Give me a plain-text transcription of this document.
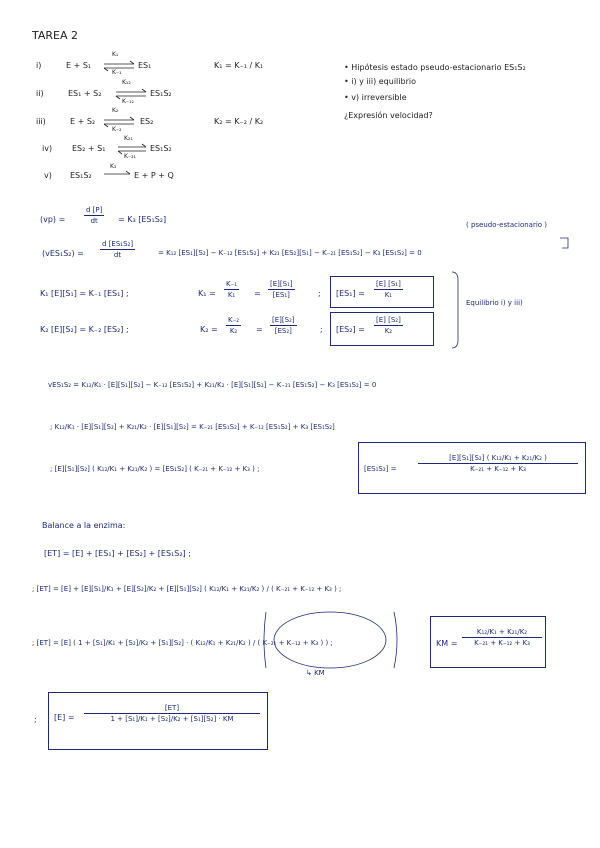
TAREA 2
i)	E + S₁
K₁
K₋₁
ES₁
ii)	ES₁ + S₂
K₁₂
K₋₁₂
ES₁S₂
iii)	E + S₂
K₂
K₋₂
ES₂
iv) ES₂ + S₁
K₂₁
K₋₂₁
ES₁S₂
v) ES₁S₂
K₃
E + P + Q
K₁ = K₋₁ / K₁
K₂ = K₋₂ / K₂
• Hipótesis estado pseudo-estacionario ES₁S₂
• i) y iii) equilibrio
• v) irreversible
¿Expresión velocidad?
(vp) =	$\frac{d [P]}{dt} = K_3$ [ES₁S₂]
( pseudo-estacionario )
$(vES_1S_2) = \frac{\text{d [ES₁S₂]}}{dt}$	= K₁₂ [ES₁][S₂] − K₋₁₂ [ES₁S₂] + K₂₁ [ES₂][S₁] − K₋₂₁ [ES₁S₂] − K₃ [ES₁S₂] = 0
K₁ [E][S₁] = K₋₁ [ES₁] ;	$K_1 = \frac{\text{K₋₁}}{\text{K₁}} = \frac{\text{[E][S₁]}}{\text{[ES₁]}}$	; $[ES_1] = \frac{\text{[E] [S₁]}}{\text{K₁}}$
K₂ [E][S₂] = K₋₂ [ES₂] ;	$K_2 = \frac{\text{K₋₂}}{\text{K₂}} = \frac{\text{[E][S₂]}}{\text{[ES₂]}}$	; $[ES_2] = \frac{\text{[E] [S₂]}}{\text{K₂}}$
Equilibrio i) y iii)
vES₁S₂ = K₁₂/K₁ · [E][S₁][S₂] − K₋₁₂ [ES₁S₂] + K₂₁/K₂ · [E][S₁][S₂] − K₋₂₁ [ES₁S₂] − K₃ [ES₁S₂] = 0
; K₁₂/K₁ · [E][S₁][S₂] + K₂₁/K₂ · [E][S₁][S₂] = K₋₂₁ [ES₁S₂] + K₋₁₂ [ES₁S₂] + K₃ [ES₁S₂]
; [E][S₁][S₂] ( K₁₂/K₁ + K₂₁/K₂ ) = [ES₁S₂] ( K₋₂₁ + K₋₁₂ + K₃ ) ;	[ES₁S₂] =	$\frac{\text{[E][S₁][S₂] ( K₁₂/K₁ + K₂₁/K₂ )}}{\text{K₋₂₁ + K₋₁₂ + K₃}}$
Balance a la enzima:
[ET] = [E] + [ES₁] + [ES₂] + [ES₁S₂] ;
; [ET] = [E] + [E][S₁]/K₁ + [E][S₂]/K₂ + [E][S₁][S₂] ( K₁₂/K₁ + K₂₁/K₂ ) / ( K₋₂₁ + K₋₁₂ + K₃ ) ;
; [ET] = [E] ( 1 + [S₁]/K₁ + [S₂]/K₂ + [S₁][S₂] · ( K₁₂/K₁ + K₂₁/K₂ ) / ( K₋₂₁ + K₋₁₂ + K₃ ) ) ;
↳ KM
KM = $\frac{\text{K₁₂/K₁ + K₂₁/K₂}}{\text{K₋₂₁ + K₋₁₂ + K₃}}$
; $[E] = \frac{[ET]}{\text{1 + [S₁]/K₁ + [S₂]/K₂ + [S₁][S₂] · KM}}$
